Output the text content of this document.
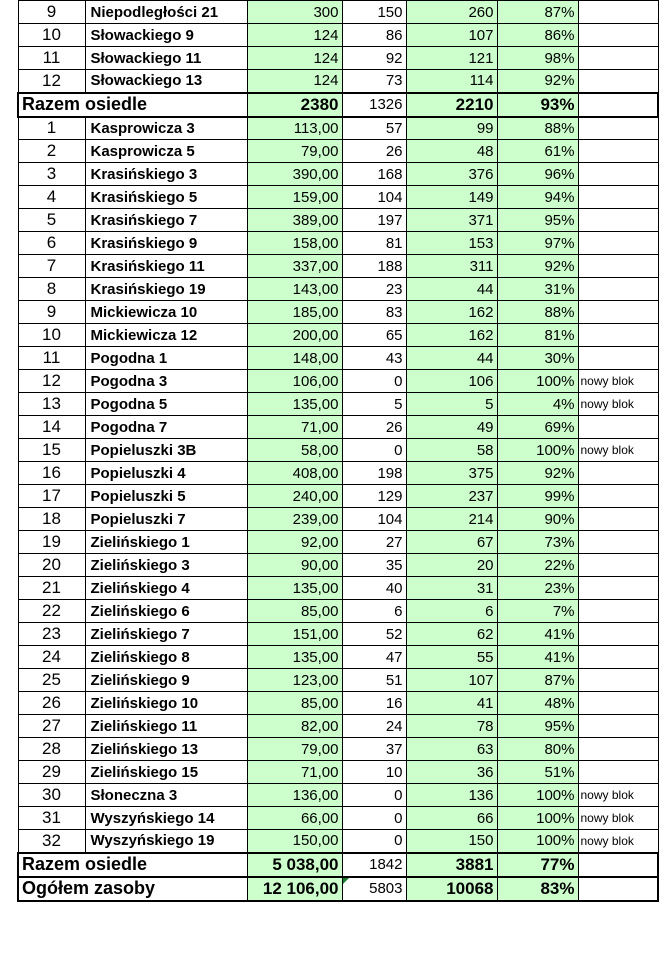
9	Niepodległości 21	300	150	260	87%	
10	Słowackiego 9	124	86	107	86%	
11	Słowackiego 11	124	92	121	98%	
12	Słowackiego 13	124	73	114	92%	
Razem osiedle		2380	1326	2210	93%	
1	Kasprowicza 3	113,00	57	99	88%	
2	Kasprowicza 5	79,00	26	48	61%	
3	Krasińskiego 3	390,00	168	376	96%	
4	Krasińskiego 5	159,00	104	149	94%	
5	Krasińskiego 7	389,00	197	371	95%	
6	Krasińskiego 9	158,00	81	153	97%	
7	Krasińskiego 11	337,00	188	311	92%	
8	Krasińskiego 19	143,00	23	44	31%	
9	Mickiewicza 10	185,00	83	162	88%	
10	Mickiewicza 12	200,00	65	162	81%	
11	Pogodna 1	148,00	43	44	30%	
12	Pogodna 3	106,00	0	106	100%	nowy blok
13	Pogodna 5	135,00	5	5	4%	nowy blok
14	Pogodna 7	71,00	26	49	69%	
15	Popieluszki 3B	58,00	0	58	100%	nowy blok
16	Popieluszki 4	408,00	198	375	92%	
17	Popieluszki 5	240,00	129	237	99%	
18	Popieluszki 7	239,00	104	214	90%	
19	Zielińskiego 1	92,00	27	67	73%	
20	Zielińskiego 3	90,00	35	20	22%	
21	Zielińskiego 4	135,00	40	31	23%	
22	Zielińskiego 6	85,00	6	6	7%	
23	Zielińskiego 7	151,00	52	62	41%	
24	Zielińskiego 8	135,00	47	55	41%	
25	Zielińskiego 9	123,00	51	107	87%	
26	Zielińskiego 10	85,00	16	41	48%	
27	Zielińskiego 11	82,00	24	78	95%	
28	Zielińskiego 13	79,00	37	63	80%	
29	Zielińskiego 15	71,00	10	36	51%	
30	Słoneczna 3	136,00	0	136	100%	nowy blok
31	Wyszyńskiego 14	66,00	0	66	100%	nowy blok
32	Wyszyńskiego 19	150,00	0	150	100%	nowy blok
Razem osiedle		5 038,00	1842	3881	77%	
Ogółem zasoby		12 106,00	5803	10068	83%	
